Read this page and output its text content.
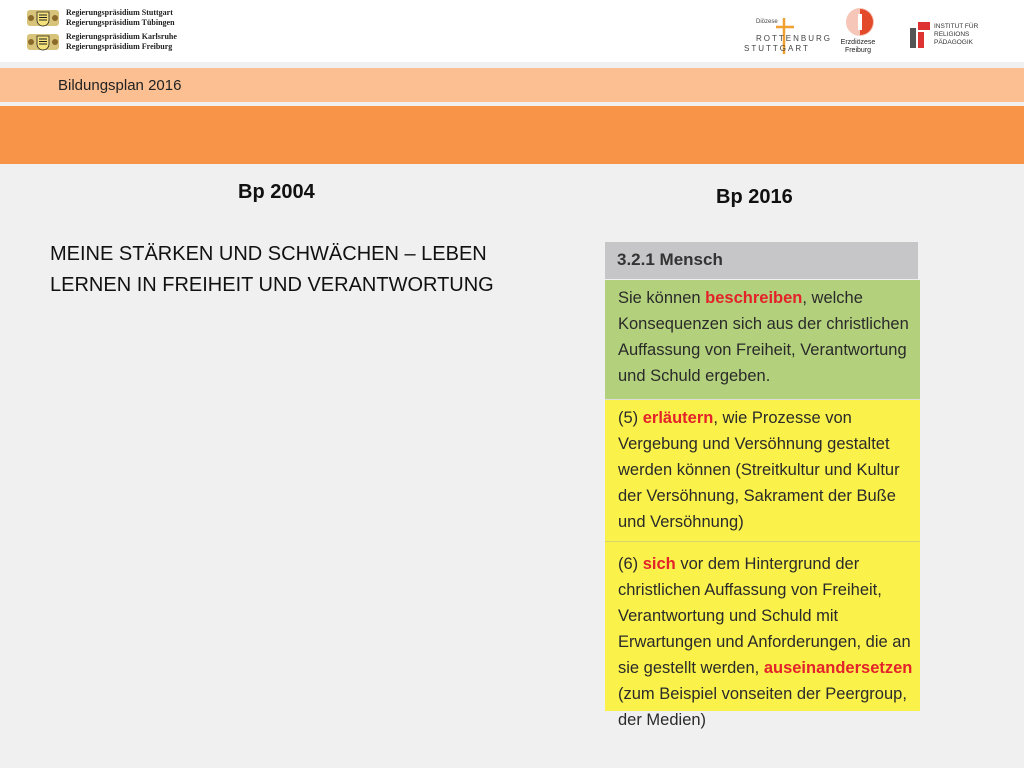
Regierungspräsidium Stuttgart
Regierungspräsidium Tübingen
Regierungspräsidium Karlsruhe
Regierungspräsidium Freiburg
Diözese
ROTTENBURG
STUTTGART
Erzdiözese
Freiburg
INSTITUT FÜR
RELIGIONS
PÄDAGOGIK
Bildungsplan 2016
Bp 2004	Bp 2016
MEINE STÄRKEN UND SCHWÄCHEN – LEBEN LERNEN IN FREIHEIT UND VERANTWORTUNG
3.2.1 Mensch
Sie können beschreiben, welche Konsequenzen sich aus der christlichen Auffassung von Freiheit, Verantwortung und Schuld ergeben.
(5) erläutern, wie Prozesse von Vergebung und Versöhnung gestaltet werden können (Streitkultur und Kultur der Versöhnung, Sakrament der Buße und Versöhnung)
(6) sich vor dem Hintergrund der christlichen Auffassung von Freiheit, Verantwortung und Schuld mit Erwartungen und Anforderungen, die an sie gestellt werden, auseinandersetzen (zum Beispiel vonseiten der Peergroup, der Medien)
